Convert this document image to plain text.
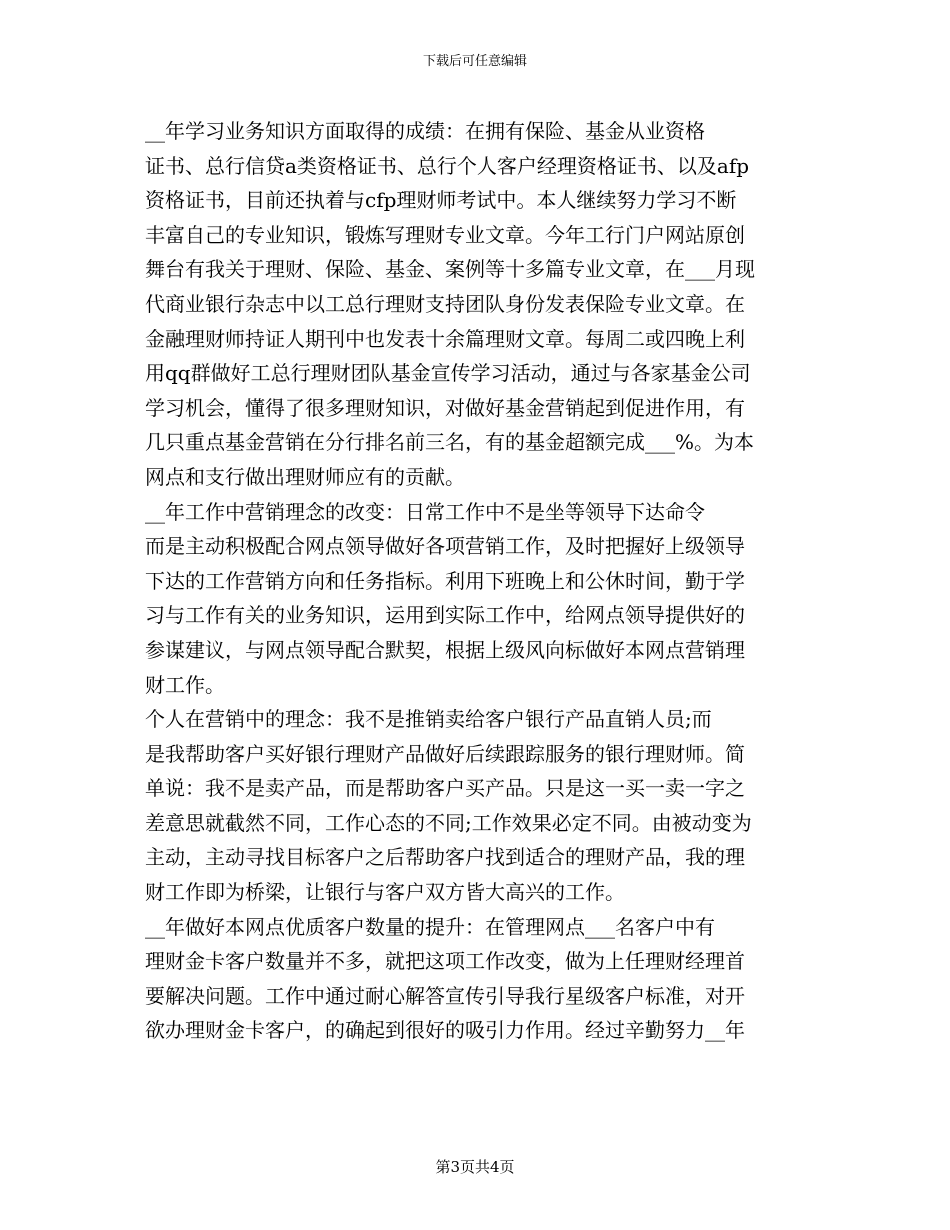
下载后可任意编辑
__年学习业务知识方面取得的成绩：在拥有保险、基金从业资格
证书、总行信贷a类资格证书、总行个人客户经理资格证书、以及afp
资格证书，目前还执着与cfp理财师考试中。本人继续努力学习不断
丰富自己的专业知识，锻炼写理财专业文章。今年工行门户网站原创
舞台有我关于理财、保险、基金、案例等十多篇专业文章，在___月现
代商业银行杂志中以工总行理财支持团队身份发表保险专业文章。在
金融理财师持证人期刊中也发表十余篇理财文章。每周二或四晚上利
用qq群做好工总行理财团队基金宣传学习活动，通过与各家基金公司
学习机会，懂得了很多理财知识，对做好基金营销起到促进作用，有
几只重点基金营销在分行排名前三名，有的基金超额完成___%。为本
网点和支行做出理财师应有的贡献。
__年工作中营销理念的改变：日常工作中不是坐等领导下达命令
而是主动积极配合网点领导做好各项营销工作，及时把握好上级领导
下达的工作营销方向和任务指标。利用下班晚上和公休时间，勤于学
习与工作有关的业务知识，运用到实际工作中，给网点领导提供好的
参谋建议，与网点领导配合默契，根据上级风向标做好本网点营销理
财工作。
个人在营销中的理念：我不是推销卖给客户银行产品直销人员;而
是我帮助客户买好银行理财产品做好后续跟踪服务的银行理财师。简
单说：我不是卖产品，而是帮助客户买产品。只是这一买一卖一字之
差意思就截然不同，工作心态的不同;工作效果必定不同。由被动变为
主动，主动寻找目标客户之后帮助客户找到适合的理财产品，我的理
财工作即为桥梁，让银行与客户双方皆大高兴的工作。
__年做好本网点优质客户数量的提升：在管理网点___名客户中有
理财金卡客户数量并不多，就把这项工作改变，做为上任理财经理首
要解决问题。工作中通过耐心解答宣传引导我行星级客户标准，对开
欲办理财金卡客户，的确起到很好的吸引力作用。经过辛勤努力__年
第3页共4页
